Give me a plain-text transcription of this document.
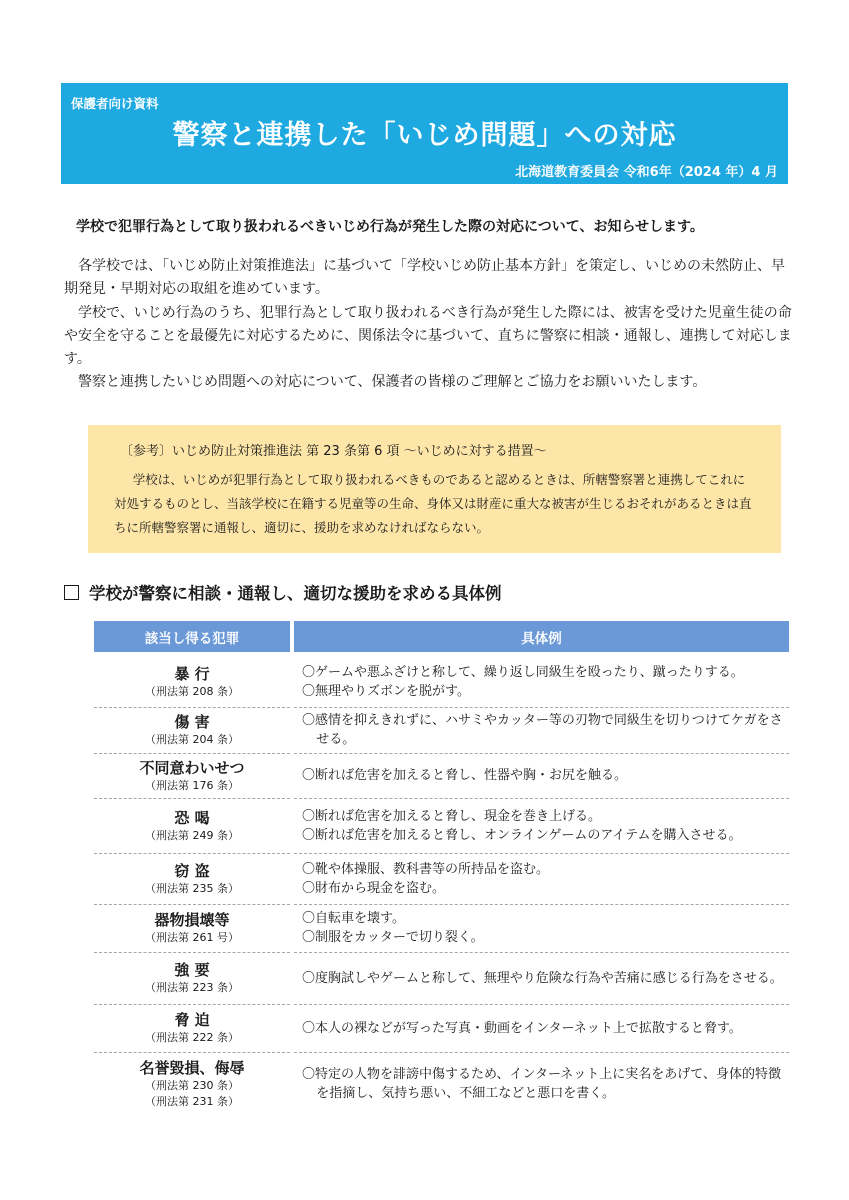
保護者向け資料
警察と連携した「いじめ問題」への対応
北海道教育委員会 令和6年（2024 年）4 月
学校で犯罪行為として取り扱われるべきいじめ行為が発生した際の対応について、お知らせします。

各学校では、「いじめ防止対策推進法」に基づいて「学校いじめ防止基本方針」を策定し、いじめの未然防止、早期発見・早期対応の取組を進めています。

学校で、いじめ行為のうち、犯罪行為として取り扱われるべき行為が発生した際には、被害を受けた児童生徒の命や安全を守ることを最優先に対応するために、関係法令に基づいて、直ちに警察に相談・通報し、連携して対応します。

警察と連携したいじめ問題への対応について、保護者の皆様のご理解とご協力をお願いいたします。

〔参考〕いじめ防止対策推進法 第 23 条第 6 項 ～いじめに対する措置～

学校は、いじめが犯罪行為として取り扱われるべきものであると認めるときは、所轄警察署と連携してこれに対処するものとし、当該学校に在籍する児童等の生命、身体又は財産に重大な被害が生じるおそれがあるときは直ちに所轄警察署に通報し、適切に、援助を求めなければならない。

学校が警察に相談・通報し、適切な援助を求める具体例
該当し得る犯罪	具体例
暴 行
（刑法第 208 条）
〇ゲームや悪ふざけと称して、繰り返し同級生を殴ったり、蹴ったりする。
〇無理やりズボンを脱がす。
傷 害
（刑法第 204 条）
〇感情を抑えきれずに、ハサミやカッター等の刃物で同級生を切りつけてケガをさせる。
不同意わいせつ
（刑法第 176 条）
〇断れば危害を加えると脅し、性器や胸・お尻を触る。
恐 喝
（刑法第 249 条）
〇断れば危害を加えると脅し、現金を巻き上げる。
〇断れば危害を加えると脅し、オンラインゲームのアイテムを購入させる。
窃 盗
（刑法第 235 条）
〇靴や体操服、教科書等の所持品を盗む。
〇財布から現金を盗む。
器物損壊等
（刑法第 261 号）
〇自転車を壊す。
〇制服をカッターで切り裂く。
強 要
（刑法第 223 条）
〇度胸試しやゲームと称して、無理やり危険な行為や苦痛に感じる行為をさせる。
脅 迫
（刑法第 222 条）
〇本人の裸などが写った写真・動画をインターネット上で拡散すると脅す。
名誉毀損、侮辱
（刑法第 230 条）
（刑法第 231 条）
〇特定の人物を誹謗中傷するため、インターネット上に実名をあげて、身体的特徴を指摘し、気持ち悪い、不細工などと悪口を書く。
